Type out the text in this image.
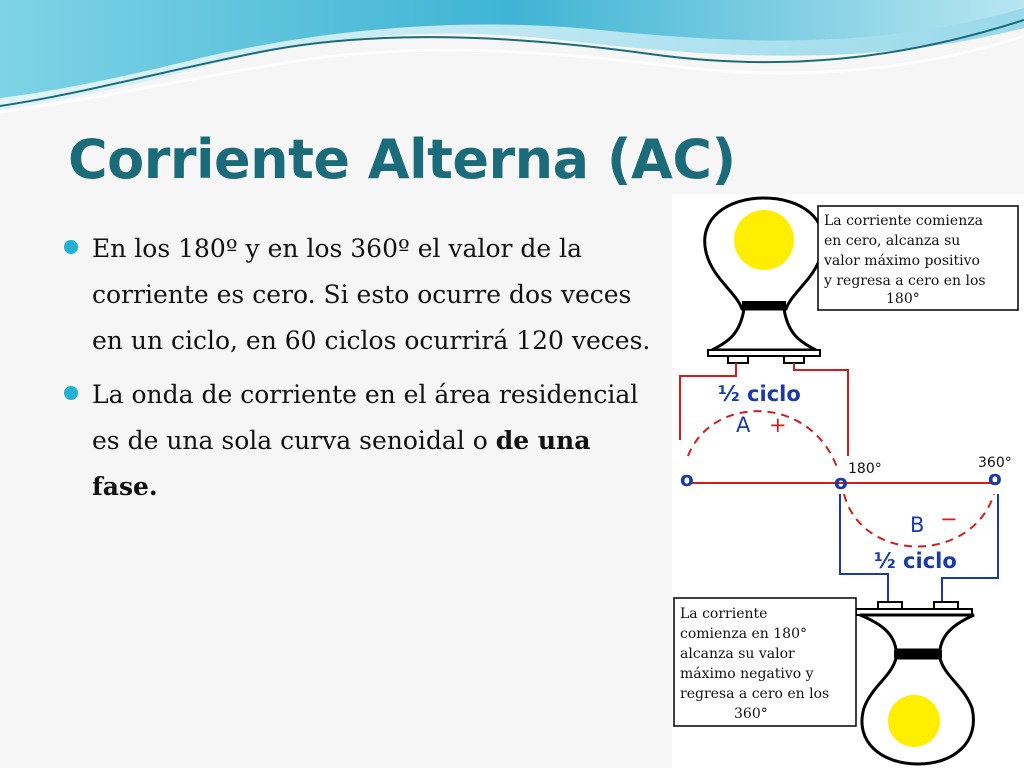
Corriente Alterna (AC)
En los 180º y en los 360º el valor de la corriente es cero. Si esto ocurre dos veces en un ciclo, en 60 ciclos ocurrirá 120 veces.
La onda de corriente en el área residencial es de una sola curva senoidal o de una fase.
La corriente comienza
en cero, alcanza su
valor máximo positivo
y regresa a cero en los
180°
½ ciclo
A +
o	o	o
180°	360°
B −
½ ciclo
La corriente
comienza en 180°
alcanza su valor
máximo negativo y
regresa a cero en los
360°
